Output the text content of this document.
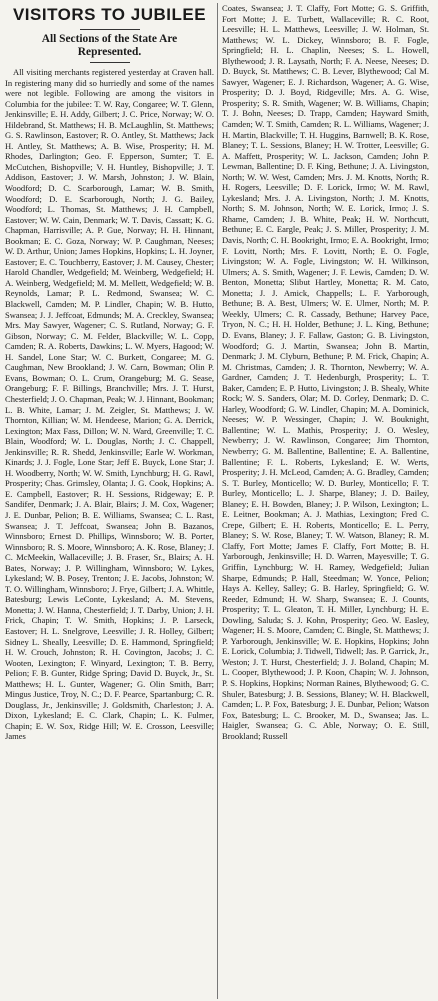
VISITORS TO JUBILEE
All Sections of the State Are Represented.

All visiting merchants registered yesterday at Craven hall. In registering many did so hurriedly and some of the names were not legible. Following are among the visitors in Columbia for the jubilee: T. W. Ray, Congaree; W. T. Glenn, Jenkinsville; E. H. Addy, Gilbert; J. C. Price, Norway; W. O. Hildebrand, St. Matthews; H. B. McLaughlin, St. Matthews; G. S. Rawlinson, Eastover; R. O. Antley, St. Matthews; Jack H. Antley, St. Matthews; A. B. Wise, Prosperity; H. M. Rhodes, Darlington; Geo. F. Epperson, Sumter; T. E. McCutchen, Bishopville; V. H. Huntley, Bishopville; J. T. Addison, Eastover; J. W. Marsh, Johnston; J. W. Blain, Woodford; D. C. Scarborough, Lamar; W. B. Smith, Woodford; D. E. Scarborough, North; J. G. Bailey, Woodford; L. Thomas, St. Matthews; J. H. Campbell, Eastover; W. W. Cain, Denmark; W. T. Davis, Cassatt; K. G. Chapman, Harrisville; A. P. Gue, Norway; H. H. Hinnant, Bookman; E. C. Goza, Norway; W. P. Caughman, Neeses; W. D. Arthur, Union; James Hopkins, Hopkins; L. H. Joyner, Eastover; E. C. Touchberry, Eastover; J. M. Causey, Chester; Harold Chandler, Wedgefield; M. Weinberg, Wedgefield; H. A. Weinberg, Wedgefield; M. M. Mellett, Wedgefield; W. B. Reynolds, Lamar; P. L. Redmond, Swansea; W. C. Blackwell, Camden; M. P. Lindler, Chapin; W. B. Hutto, Swansea; J. J. Jeffcoat, Edmunds; M. A. Creckley, Swansea; Mrs. May Sawyer, Wagener; C. S. Rutland, Norway; G. F. Gibson, Norway; C. M. Felder, Blackville; W. L. Copp, Camden; R. A. Roberts, Dawkins; L. W. Myers, Hagood; W. H. Sandel, Lone Star; W. C. Burkett, Congaree; M. G. Caughman, New Brookland; J. W. Carn, Bowman; Olin P. Evans, Bowman; O. L. Crum, Orangeburg; M. G. Sease, Orangeburg; F. F. Billings, Branchville; Mrs. J. T. Hurst, Chesterfield; J. O. Chapman, Peak; W. J. Hinnant, Bookman; L. B. White, Lamar; J. M. Zeigler, St. Matthews; J. W. Thornton, Killian; W. M. Hendeese, Marion; G. A. Derrick, Lexington; Max Fass, Dillon; W. N. Ward, Greenville; T. C. Blain, Woodford; W. L. Douglas, North; J. C. Chappell, Jenkinsville; R. R. Shedd, Jenkinsville; Earle W. Workman, Kinards; J. J. Fogle, Lone Star; Jeff E. Buyck, Lone Star; J. H. Woodberry, North; W. W. Smith, Lynchburg; H. G. Rawl, Prosperity; Chas. Grimsley, Olanta; J. G. Cook, Hopkins; A. E. Campbell, Eastover; R. H. Sessions, Ridgeway; E. P. Sandifer, Denmark; J. A. Blair, Blairs; J. M. Cox, Wagener; J. E. Dunbar, Pelion; B. E. Williams, Swansea; C. L. Rast, Swansea; J. T. Jeffcoat, Swansea; John B. Bazanos, Winnsboro; Ernest D. Phillips, Winnsboro; W. B. Porter, Winnsboro; R. S. Moore, Winnsboro; A. K. Rose, Blaney; J. C. McMeekin, Wallaceville; J. B. Fraser, Sr., Blairs; A. H. Bates, Norway; J. P. Willingham, Winnsboro; W. Lykes, Lykesland; W. B. Posey, Trenton; J. E. Jacobs, Johnston; W. T. O. Willingham, Winnsboro; J. Frye, Gilbert; J. A. Whittle, Batesburg; Lewis LeConte, Lykesland; A. M. Stevens, Monetta; J. W. Hanna, Chesterfield; J. T. Darby, Union; J. H. Frick, Chapin; T. W. Smith, Hopkins; J. P. Larseck, Eastover; H. L. Snelgrove, Leesville; J. R. Holley, Gilbert; Sidney L. Sheally, Leesville; D. E. Hammond, Springfield; H. W. Crouch, Johnston; R. H. Covington, Jacobs; J. C. Wooten, Lexington; F. Winyard, Lexington; T. B. Berry, Pelion; F. B. Gunter, Ridge Spring; David D. Buyck, Jr., St. Matthews; H. L. Gunter, Wagener; G. Olin Smith, Barr; Mingus Justice, Troy, N. C.; D. F. Pearce, Spartanburg; C. R. Douglass, Jr., Jenkinsville; J. Goldsmith, Charleston; J. A. Dixon, Lykesland; E. C. Clark, Chapin; L. K. Fulmer, Chapin; E. W. Sox, Ridge Hill; W. E. Crosson, Leesville; James

Coates, Swansea; J. T. Claffy, Fort Motte; G. S. Griffith, Fort Motte; J. E. Turbett, Wallaceville; R. C. Root, Leesville; H. L. Matthews, Leesville; J. W. Holman, St. Matthews; W. L. Dickey, Winnsboro; B. F. Fogle, Springfield; H. L. Chaplin, Neeses; S. L. Howell, Blythewood; J. R. Laysath, North; F. A. Neese, Neeses; D. D. Buyck, St. Matthews; C. B. Lever, Blythewood; Cal M. Sawyer, Wagener; E. J. Richardson, Wagener; A. G. Wise, Prosperity; D. J. Boyd, Ridgeville; Mrs. A. G. Wise, Prosperity; S. R. Smith, Wagener; W. B. Williams, Chapin; T. J. Bohn, Neeses; D. Trapp, Camden; Hayward Smith, Camden; W. T. Smith, Camden; R. L. Williams, Wagener; J. H. Martin, Blackville; T. H. Huggins, Barnwell; B. K. Rose, Blaney; T. L. Sessions, Blaney; H. W. Trotter, Leesville; G. A. Maffett, Prosperity; W. L. Jackson, Camden; John P. Lewman, Ballentine; D. F. King, Bethune; J. A. Livingston, North; W. W. West, Camden; Mrs. J. M. Knotts, North; R. H. Rogers, Leesville; D. F. Lorick, Irmo; W. M. Rawl, Lykesland; Mrs. J. A. Livingston, North; J. M. Knotts, North; S. M. Johnson, North; W. E. Lorick, Irmo; J. S. Rhame, Camden; J. B. White, Peak; H. W. Northcutt, Bethune; E. C. Eargle, Peak; J. S. Miller, Prosperity; J. M. Davis, North; C. H. Bookright, Irmo; E. A. Bookright, Irmo; F. Lovitt, North; Mrs. F. Lovitt, North; E. O. Fogle, Livingston; W. A. Fogle, Livingston; W. H. Wilkinson, Ulmers; A. S. Smith, Wagener; J. F. Lewis, Camden; D. W. Benton, Monetta; Slibut Hartley, Monetta; R. M. Cato, Monetta; J. J. Amick, Chappells; L. F. Yarborough, Bethune; B. A. Best, Ulmers; W. E. Ulmer, North; M. P. Weekly, Ulmers; C. R. Cassady, Bethune; Harvey Pace, Tryon, N. C.; H. H. Holder, Bethune; J. L. King, Bethune; D. Evans, Blaney; J. F. Fallaw, Gaston; G. B. Livingston, Woodford; G. J. Martin, Swansea; John B. Martin, Denmark; J. M. Clyburn, Bethune; P. M. Frick, Chapin; A. M. Christmas, Camden; J. R. Thornton, Newberry; W. A. Gardner, Camden; J. T. Hedenburgh, Prosperity; L. T. Baker, Camden; E. P. Hutto, Livingston; J. B. Shealy, White Rock; W. S. Sanders, Olar; M. D. Corley, Denmark; D. C. Harley, Woodford; G. W. Lindler, Chapin; M. A. Dominick, Neeses; W. P. Wessinger, Chapin; J. W. Bouknight, Ballentine; W. L. Mathis, Prosperity; J. O. Wesley, Newberry; J. W. Rawlinson, Congaree; Jim Thornton, Newberry; G. M. Ballentine, Ballentine; E. A. Ballentine, Ballentine; F. L. Roberts, Lykesland; E. W. Werts, Prosperity; J. H. McLeod, Camden; A. G. Bradley, Camden; S. T. Burley, Monticello; W. D. Burley, Monticello; F. T. Burley, Monticello; L. J. Sharpe, Blaney; J. D. Bailey, Blaney; E. H. Bowden, Blaney; J. P. Wilson, Lexington; L. E. Leitner, Bookman; A. J. Mathias, Lexington; Fred C. Crepe, Gilbert; E. H. Roberts, Monticello; E. L. Perry, Blaney; S. W. Rose, Blaney; T. W. Watson, Blaney; R. M. Claffy, Fort Motte; James F. Claffy, Fort Motte; B. H. Yarborough, Jenkinsville; H. D. Warren, Mayesville; T. G. Griffin, Lynchburg; W. H. Ramey, Wedgefield; Julian Sharpe, Edmunds; P. Hall, Steedman; W. Yonce, Pelion; Hays A. Kelley, Salley; G. B. Harley, Springfield; G. W. Reeder, Edmund; H. W. Sharp, Swansea; E. J. Counts, Prosperity; T. L. Gleaton, T. H. Miller, Lynchburg; H. E. Dowling, Saluda; S. J. Kohn, Prosperity; Geo. W. Easley, Wagener; H. S. Moore, Camden; C. Bingle, St. Matthews; J. P. Yarborough, Jenkinsville; W. E. Hopkins, Hopkins; John E. Lorick, Columbia; J. Tidwell, Tidwell; Jas. P. Garrick, Jr., Weston; J. T. Hurst, Chesterfield; J. J. Boland, Chapin; M. L. Cooper, Blythewood; J. P. Koon, Chapin; W. J. Johnson, P. S. Hopkins, Hopkins; Norman Raines, Blythewood; G. C. Shuler, Batesburg; J. B. Sessions, Blaney; W. H. Blackwell, Camden; L. P. Fox, Batesburg; J. E. Dunbar, Pelion; Watson Fox, Batesburg; L. C. Brooker, M. D., Swansea; Jas. L. Haigler, Swansea; G. C. Able, Norway; O. E. Still, Brookland; Russell
